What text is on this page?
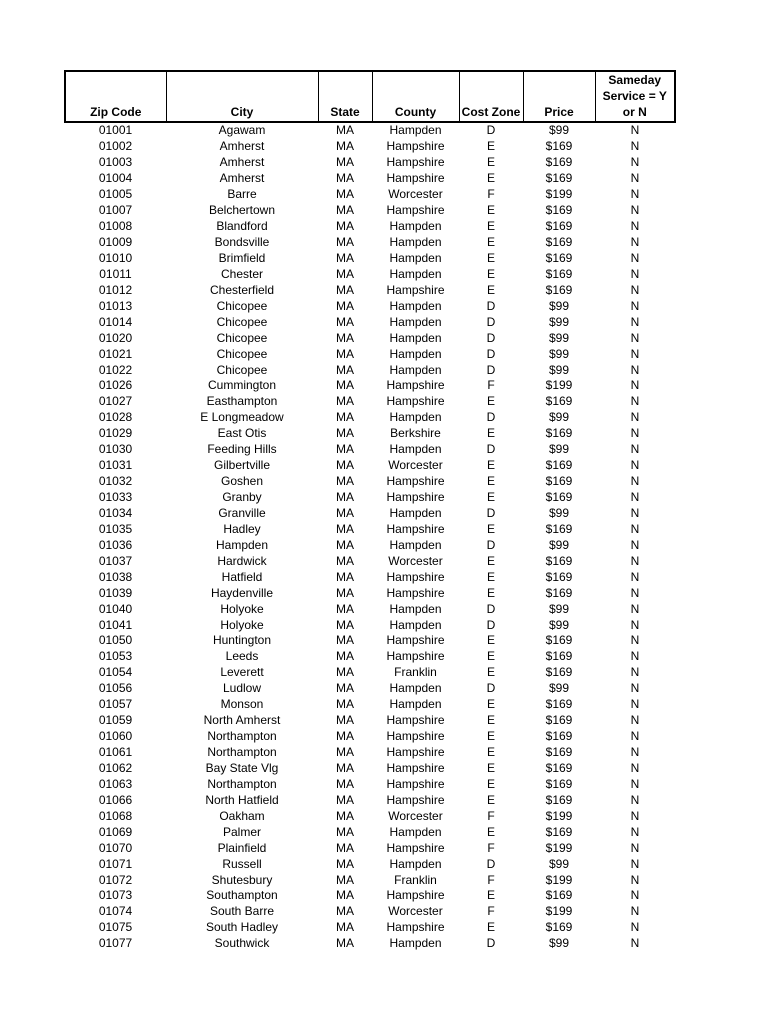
Zip Code	City	State	County	Cost Zone	Price	Sameday Service = Y or N
01001	Agawam	MA	Hampden	D	$99	N
01002	Amherst	MA	Hampshire	E	$169	N
01003	Amherst	MA	Hampshire	E	$169	N
01004	Amherst	MA	Hampshire	E	$169	N
01005	Barre	MA	Worcester	F	$199	N
01007	Belchertown	MA	Hampshire	E	$169	N
01008	Blandford	MA	Hampden	E	$169	N
01009	Bondsville	MA	Hampden	E	$169	N
01010	Brimfield	MA	Hampden	E	$169	N
01011	Chester	MA	Hampden	E	$169	N
01012	Chesterfield	MA	Hampshire	E	$169	N
01013	Chicopee	MA	Hampden	D	$99	N
01014	Chicopee	MA	Hampden	D	$99	N
01020	Chicopee	MA	Hampden	D	$99	N
01021	Chicopee	MA	Hampden	D	$99	N
01022	Chicopee	MA	Hampden	D	$99	N
01026	Cummington	MA	Hampshire	F	$199	N
01027	Easthampton	MA	Hampshire	E	$169	N
01028	E Longmeadow	MA	Hampden	D	$99	N
01029	East Otis	MA	Berkshire	E	$169	N
01030	Feeding Hills	MA	Hampden	D	$99	N
01031	Gilbertville	MA	Worcester	E	$169	N
01032	Goshen	MA	Hampshire	E	$169	N
01033	Granby	MA	Hampshire	E	$169	N
01034	Granville	MA	Hampden	D	$99	N
01035	Hadley	MA	Hampshire	E	$169	N
01036	Hampden	MA	Hampden	D	$99	N
01037	Hardwick	MA	Worcester	E	$169	N
01038	Hatfield	MA	Hampshire	E	$169	N
01039	Haydenville	MA	Hampshire	E	$169	N
01040	Holyoke	MA	Hampden	D	$99	N
01041	Holyoke	MA	Hampden	D	$99	N
01050	Huntington	MA	Hampshire	E	$169	N
01053	Leeds	MA	Hampshire	E	$169	N
01054	Leverett	MA	Franklin	E	$169	N
01056	Ludlow	MA	Hampden	D	$99	N
01057	Monson	MA	Hampden	E	$169	N
01059	North Amherst	MA	Hampshire	E	$169	N
01060	Northampton	MA	Hampshire	E	$169	N
01061	Northampton	MA	Hampshire	E	$169	N
01062	Bay State Vlg	MA	Hampshire	E	$169	N
01063	Northampton	MA	Hampshire	E	$169	N
01066	North Hatfield	MA	Hampshire	E	$169	N
01068	Oakham	MA	Worcester	F	$199	N
01069	Palmer	MA	Hampden	E	$169	N
01070	Plainfield	MA	Hampshire	F	$199	N
01071	Russell	MA	Hampden	D	$99	N
01072	Shutesbury	MA	Franklin	F	$199	N
01073	Southampton	MA	Hampshire	E	$169	N
01074	South Barre	MA	Worcester	F	$199	N
01075	South Hadley	MA	Hampshire	E	$169	N
01077	Southwick	MA	Hampden	D	$99	N
